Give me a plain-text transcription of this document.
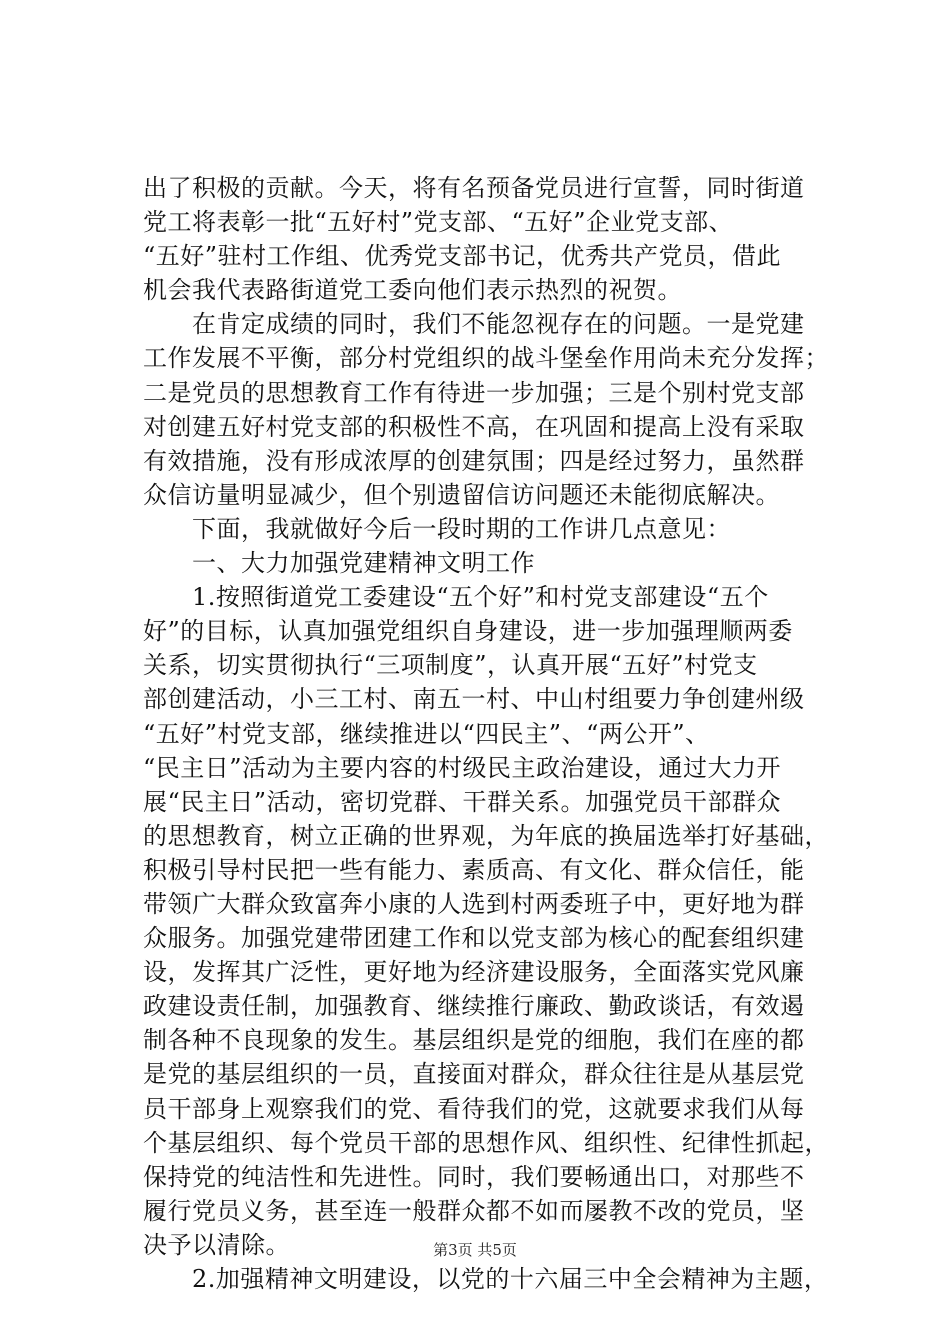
出了积极的贡献。今天，将有名预备党员进行宣誓，同时街道
党工将表彰一批“五好村”党支部、“五好”企业党支部、
“五好”驻村工作组、优秀党支部书记，优秀共产党员，借此
机会我代表路街道党工委向他们表示热烈的祝贺。
　　在肯定成绩的同时，我们不能忽视存在的问题。一是党建
工作发展不平衡，部分村党组织的战斗堡垒作用尚未充分发挥；
二是党员的思想教育工作有待进一步加强；三是个别村党支部
对创建五好村党支部的积极性不高，在巩固和提高上没有采取
有效措施，没有形成浓厚的创建氛围；四是经过努力，虽然群
众信访量明显减少，但个别遗留信访问题还未能彻底解决。
　　下面，我就做好今后一段时期的工作讲几点意见：
　　一、大力加强党建精神文明工作
　　1.按照街道党工委建设“五个好”和村党支部建设“五个
好”的目标，认真加强党组织自身建设，进一步加强理顺两委
关系，切实贯彻执行“三项制度”，认真开展“五好”村党支
部创建活动，小三工村、南五一村、中山村组要力争创建州级
“五好”村党支部，继续推进以“四民主”、“两公开”、
“民主日”活动为主要内容的村级民主政治建设，通过大力开
展“民主日”活动，密切党群、干群关系。加强党员干部群众
的思想教育，树立正确的世界观，为年底的换届选举打好基础，
积极引导村民把一些有能力、素质高、有文化、群众信任，能
带领广大群众致富奔小康的人选到村两委班子中，更好地为群
众服务。加强党建带团建工作和以党支部为核心的配套组织建
设，发挥其广泛性，更好地为经济建设服务，全面落实党风廉
政建设责任制，加强教育、继续推行廉政、勤政谈话，有效遏
制各种不良现象的发生。基层组织是党的细胞，我们在座的都
是党的基层组织的一员，直接面对群众，群众往往是从基层党
员干部身上观察我们的党、看待我们的党，这就要求我们从每
个基层组织、每个党员干部的思想作风、组织性、纪律性抓起，
保持党的纯洁性和先进性。同时，我们要畅通出口，对那些不
履行党员义务，甚至连一般群众都不如而屡教不改的党员，坚
决予以清除。
　　2.加强精神文明建设，以党的十六届三中全会精神为主题，
第3页 共5页
